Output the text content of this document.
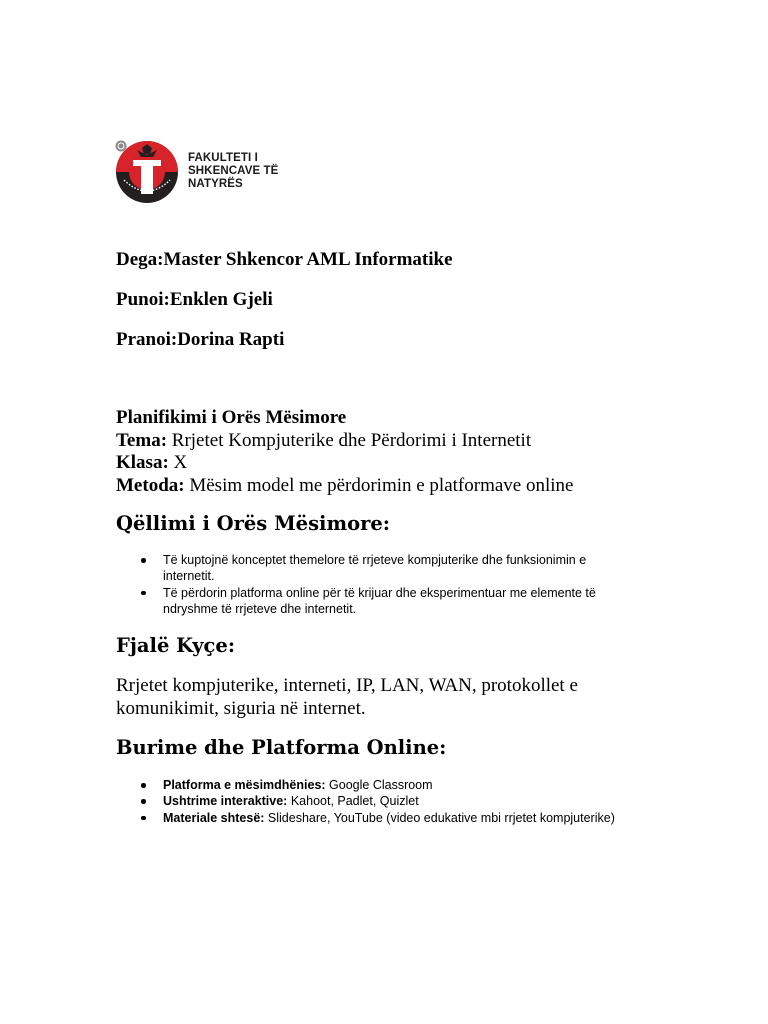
FAKULTETI I
SHKENCAVE TË
NATYRËS
Dega:Master Shkencor AML Informatike
Punoi:Enklen Gjeli
Pranoi:Dorina Rapti
Planifikimi i Orës Mësimore
Tema: Rrjetet Kompjuterike dhe Përdorimi i Internetit
Klasa: X
Metoda: Mësim model me përdorimin e platformave online
Qëllimi i Orës Mësimore:
Të kuptojnë konceptet themelore të rrjeteve kompjuterike dhe funksionimin e internetit.
Të përdorin platforma online për të krijuar dhe eksperimentuar me elemente të ndryshme të rrjeteve dhe internetit.
Fjalë Kyçe:
Rrjetet kompjuterike, interneti, IP, LAN, WAN, protokollet e komunikimit, siguria në internet.
Burime dhe Platforma Online:
Platforma e mësimdhënies: Google Classroom
Ushtrime interaktive: Kahoot, Padlet, Quizlet
Materiale shtesë: Slideshare, YouTube (video edukative mbi rrjetet kompjuterike)
